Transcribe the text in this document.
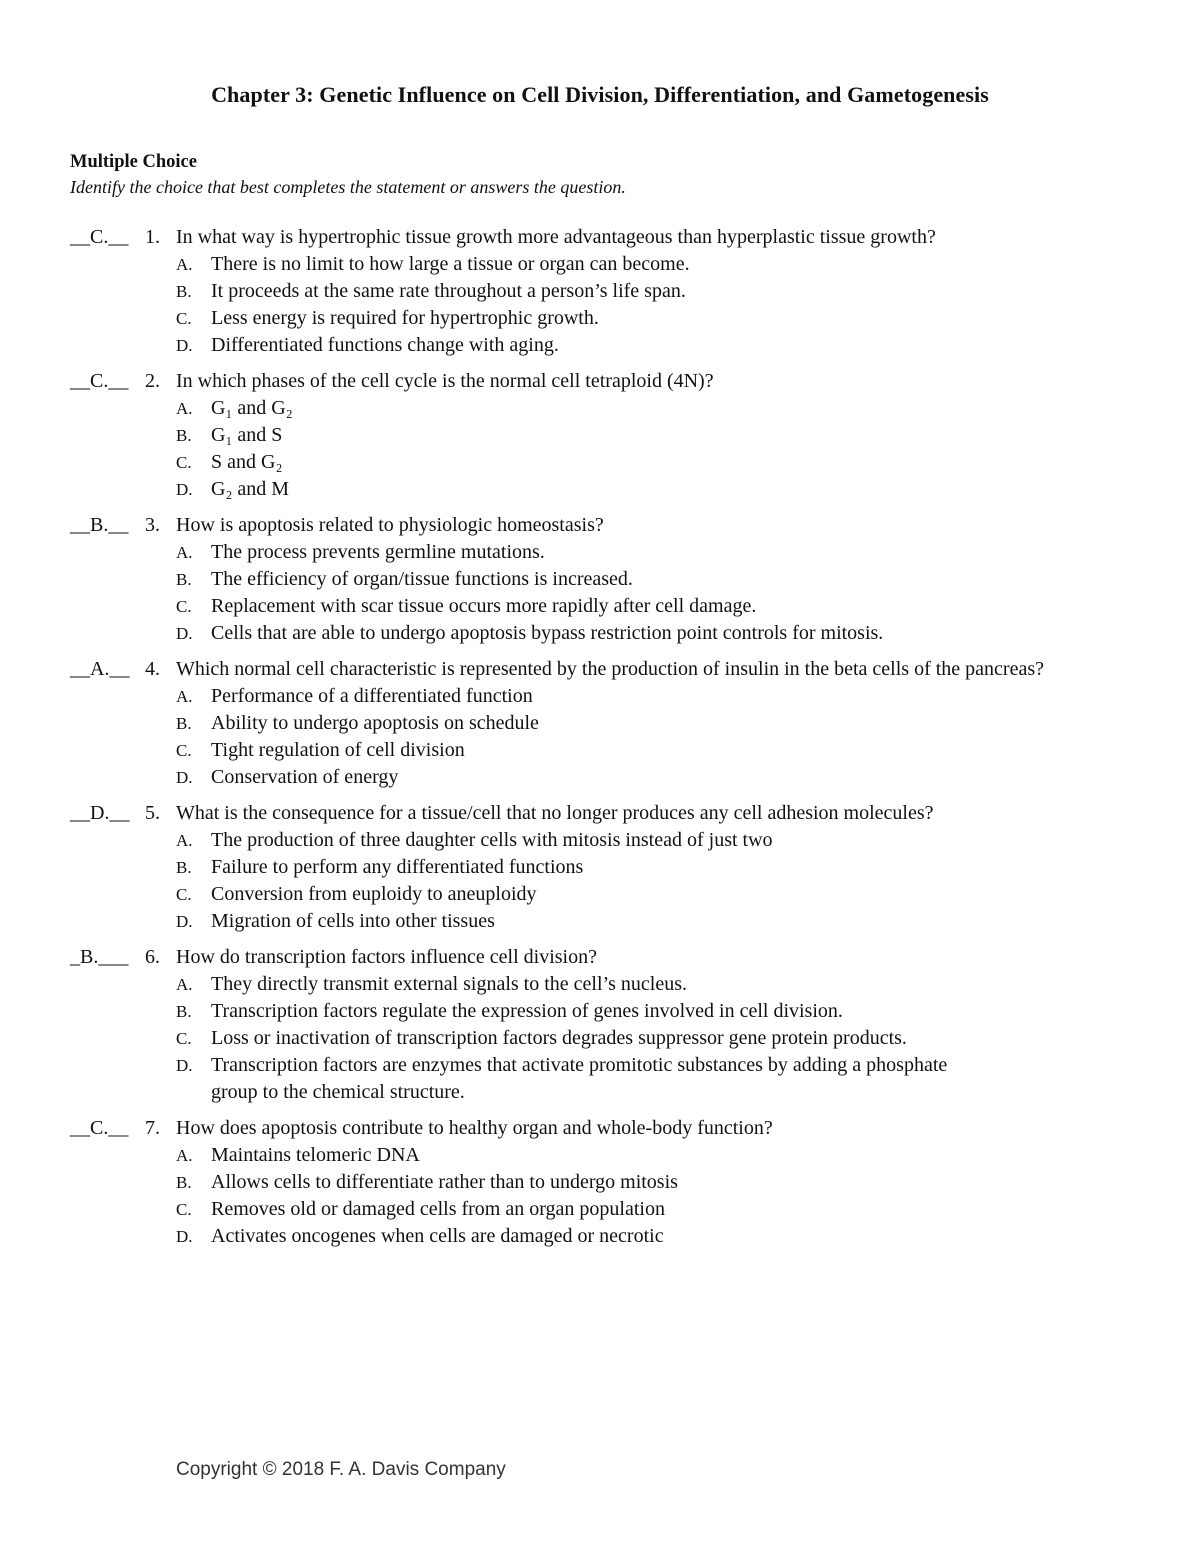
Chapter 3: Genetic Influence on Cell Division, Differentiation, and Gametogenesis

Multiple Choice

Identify the choice that best completes the statement or answers the question.

__C.__ 1. In what way is hypertrophic tissue growth more advantageous than hyperplastic tissue growth?
A. There is no limit to how large a tissue or organ can become.
B. It proceeds at the same rate throughout a person’s life span.
C. Less energy is required for hypertrophic growth.
D. Differentiated functions change with aging.
__C.__ 2. In which phases of the cell cycle is the normal cell tetraploid (4N)?
A. G₁ and G₂
B. G₁ and S
C. S and G₂
D. G₂ and M
__B.__ 3. How is apoptosis related to physiologic homeostasis?
A. The process prevents germline mutations.
B. The efficiency of organ/tissue functions is increased.
C. Replacement with scar tissue occurs more rapidly after cell damage.
D. Cells that are able to undergo apoptosis bypass restriction point controls for mitosis.
__A.__ 4. Which normal cell characteristic is represented by the production of insulin in the beta cells of the pancreas?
A. Performance of a differentiated function
B. Ability to undergo apoptosis on schedule
C. Tight regulation of cell division
D. Conservation of energy
__D.__ 5. What is the consequence for a tissue/cell that no longer produces any cell adhesion molecules?
A. The production of three daughter cells with mitosis instead of just two
B. Failure to perform any differentiated functions
C. Conversion from euploidy to aneuploidy
D. Migration of cells into other tissues
_B.___ 6. How do transcription factors influence cell division?
A. They directly transmit external signals to the cell’s nucleus.
B. Transcription factors regulate the expression of genes involved in cell division.
C. Loss or inactivation of transcription factors degrades suppressor gene protein products.
D. Transcription factors are enzymes that activate promitotic substances by adding a phosphate group to the chemical structure.
__C.__ 7. How does apoptosis contribute to healthy organ and whole-body function?
A. Maintains telomeric DNA
B. Allows cells to differentiate rather than to undergo mitosis
C. Removes old or damaged cells from an organ population
D. Activates oncogenes when cells are damaged or necrotic
Copyright © 2018 F. A. Davis Company
